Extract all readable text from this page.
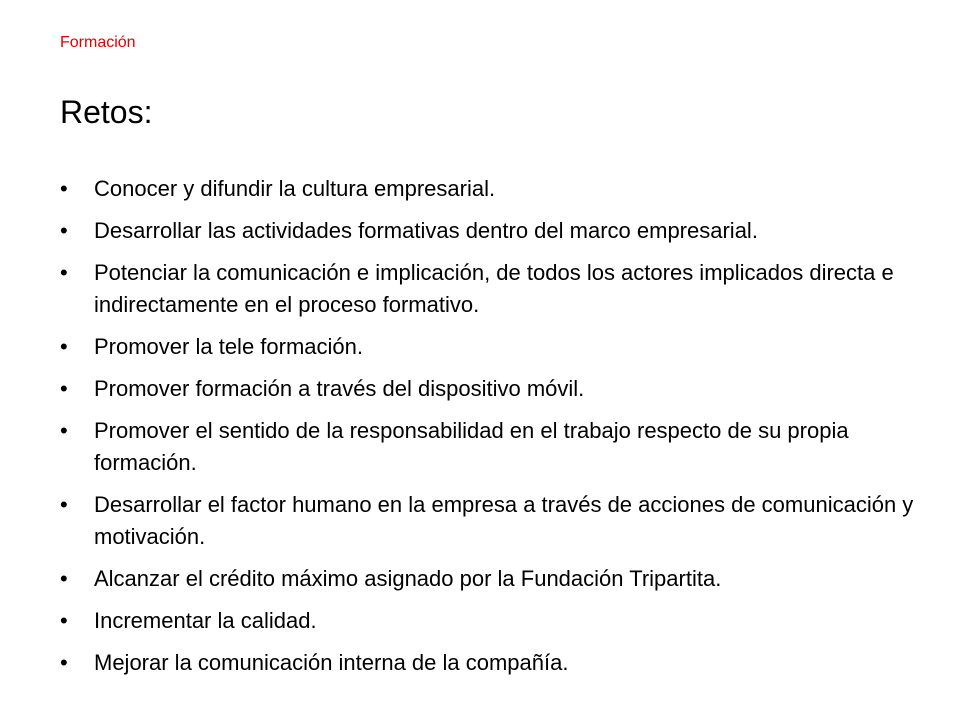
Formación
Retos:
•	Conocer y difundir la cultura empresarial.
•	Desarrollar las actividades formativas dentro del marco empresarial.
•	Potenciar la comunicación e implicación, de todos los actores implicados directa e indirectamente en el proceso formativo.
•	Promover la tele formación.
•	Promover formación a través del dispositivo móvil.
•	Promover el sentido de la responsabilidad en el trabajo respecto de su propia formación.
•	Desarrollar el factor humano en la empresa a través de acciones de comunicación y motivación.
•	Alcanzar el crédito máximo asignado por la Fundación Tripartita.
•	Incrementar la calidad.
•	Mejorar la comunicación interna de la compañía.
